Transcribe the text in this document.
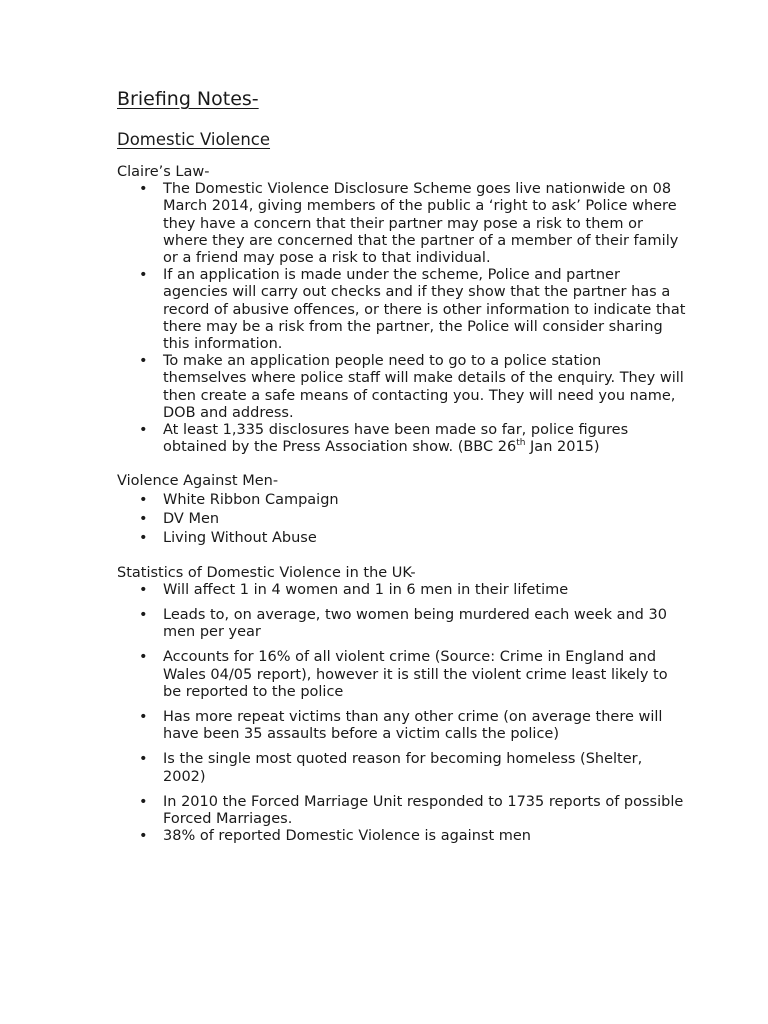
Briefing Notes-
Domestic Violence

Claire’s Law-

• The Domestic Violence Disclosure Scheme goes live nationwide on 08 March 2014, giving members of the public a ‘right to ask’ Police where they have a concern that their partner may pose a risk to them or where they are concerned that the partner of a member of their family or a friend may pose a risk to that individual.
• If an application is made under the scheme, Police and partner agencies will carry out checks and if they show that the partner has a record of abusive offences, or there is other information to indicate that there may be a risk from the partner, the Police will consider sharing this information.
• To make an application people need to go to a police station themselves where police staff will make details of the enquiry. They will then create a safe means of contacting you. They will need you name, DOB and address.
• At least 1,335 disclosures have been made so far, police figures obtained by the Press Association show. (BBC 26th Jan 2015)

Violence Against Men-

• White Ribbon Campaign
• DV Men
• Living Without Abuse

Statistics of Domestic Violence in the UK-

• Will affect 1 in 4 women and 1 in 6 men in their lifetime
• Leads to, on average, two women being murdered each week and 30 men per year
• Accounts for 16% of all violent crime (Source: Crime in England and Wales 04/05 report), however it is still the violent crime least likely to be reported to the police
• Has more repeat victims than any other crime (on average there will have been 35 assaults before a victim calls the police)
• Is the single most quoted reason for becoming homeless (Shelter, 2002)
• In 2010 the Forced Marriage Unit responded to 1735 reports of possible Forced Marriages.
• 38% of reported Domestic Violence is against men
